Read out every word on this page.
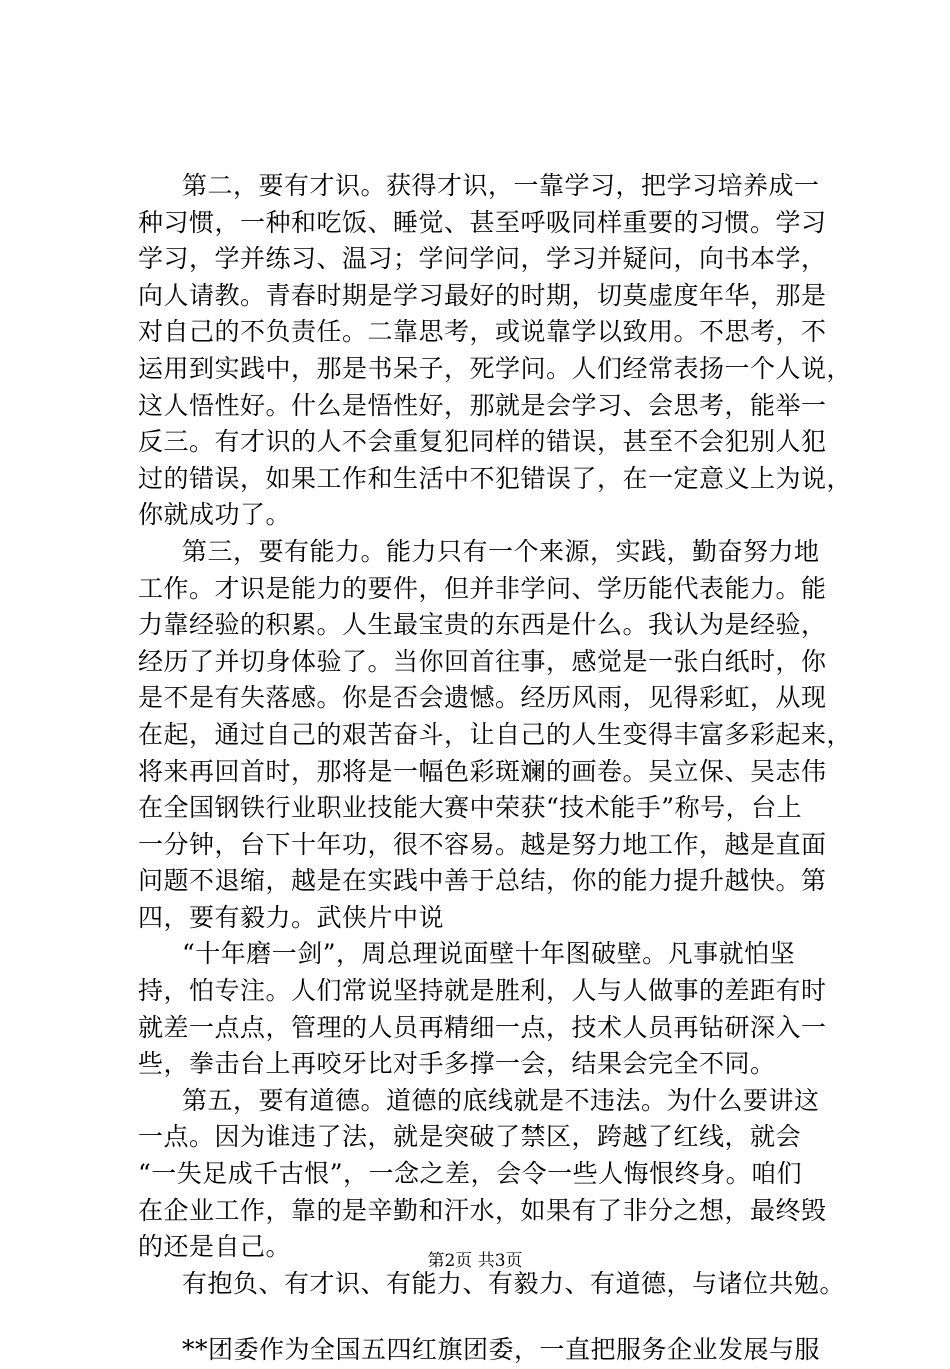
第二，要有才识。获得才识，一靠学习，把学习培养成一
种习惯，一种和吃饭、睡觉、甚至呼吸同样重要的习惯。学习
学习，学并练习、温习；学问学问，学习并疑问，向书本学，
向人请教。青春时期是学习最好的时期，切莫虚度年华，那是
对自己的不负责任。二靠思考，或说靠学以致用。不思考，不
运用到实践中，那是书呆子，死学问。人们经常表扬一个人说，
这人悟性好。什么是悟性好，那就是会学习、会思考，能举一
反三。有才识的人不会重复犯同样的错误，甚至不会犯别人犯
过的错误，如果工作和生活中不犯错误了，在一定意义上为说，
你就成功了。
第三，要有能力。能力只有一个来源，实践，勤奋努力地
工作。才识是能力的要件，但并非学问、学历能代表能力。能
力靠经验的积累。人生最宝贵的东西是什么。我认为是经验，
经历了并切身体验了。当你回首往事，感觉是一张白纸时，你
是不是有失落感。你是否会遗憾。经历风雨，见得彩虹，从现
在起，通过自己的艰苦奋斗，让自己的人生变得丰富多彩起来，
将来再回首时，那将是一幅色彩斑斓的画卷。吴立保、吴志伟
在全国钢铁行业职业技能大赛中荣获“技术能手”称号，台上
一分钟，台下十年功，很不容易。越是努力地工作，越是直面
问题不退缩，越是在实践中善于总结，你的能力提升越快。第
四，要有毅力。武侠片中说
“十年磨一剑”，周总理说面壁十年图破壁。凡事就怕坚
持，怕专注。人们常说坚持就是胜利，人与人做事的差距有时
就差一点点，管理的人员再精细一点，技术人员再钻研深入一
些，拳击台上再咬牙比对手多撑一会，结果会完全不同。
第五，要有道德。道德的底线就是不违法。为什么要讲这
一点。因为谁违了法，就是突破了禁区，跨越了红线，就会
“一失足成千古恨”，一念之差，会令一些人悔恨终身。咱们
在企业工作，靠的是辛勤和汗水，如果有了非分之想，最终毁
的还是自己。
有抱负、有才识、有能力、有毅力、有道德，与诸位共勉。
**团委作为全国五四红旗团委，一直把服务企业发展与服
第2页 共3页
